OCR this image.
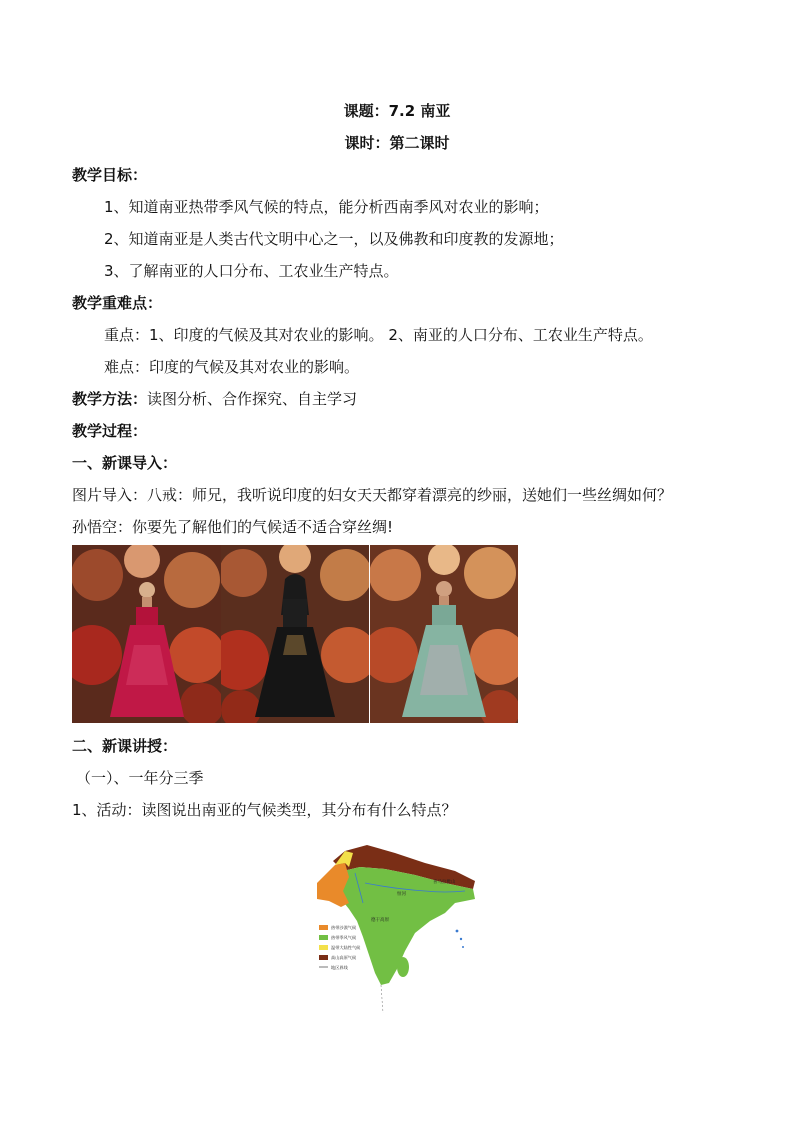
课题：7.2 南亚
课时：第二课时
教学目标：
1、知道南亚热带季风气候的特点，能分析西南季风对农业的影响；
2、知道南亚是人类古代文明中心之一，以及佛教和印度教的发源地；
3、了解南亚的人口分布、工农业生产特点。
教学重难点：
重点：1、印度的气候及其对农业的影响。 2、南亚的人口分布、工农业生产特点。
难点：印度的气候及其对农业的影响。
教学方法：读图分析、合作探究、自主学习
教学过程：
一、新课导入：
图片导入：八戒：师兄，我听说印度的妇女天天都穿着漂亮的纱丽，送她们一些丝绸如何？
孙悟空：你要先了解他们的气候适不适合穿丝绸!
二、新课讲授：
（一）、一年分三季
1、活动：读图说出南亚的气候类型，其分布有什么特点？
恒河
喜马拉雅山
德干高原
热带沙漠气候
热带季风气候
温带大陆性气候
高山高原气候
地区界线
